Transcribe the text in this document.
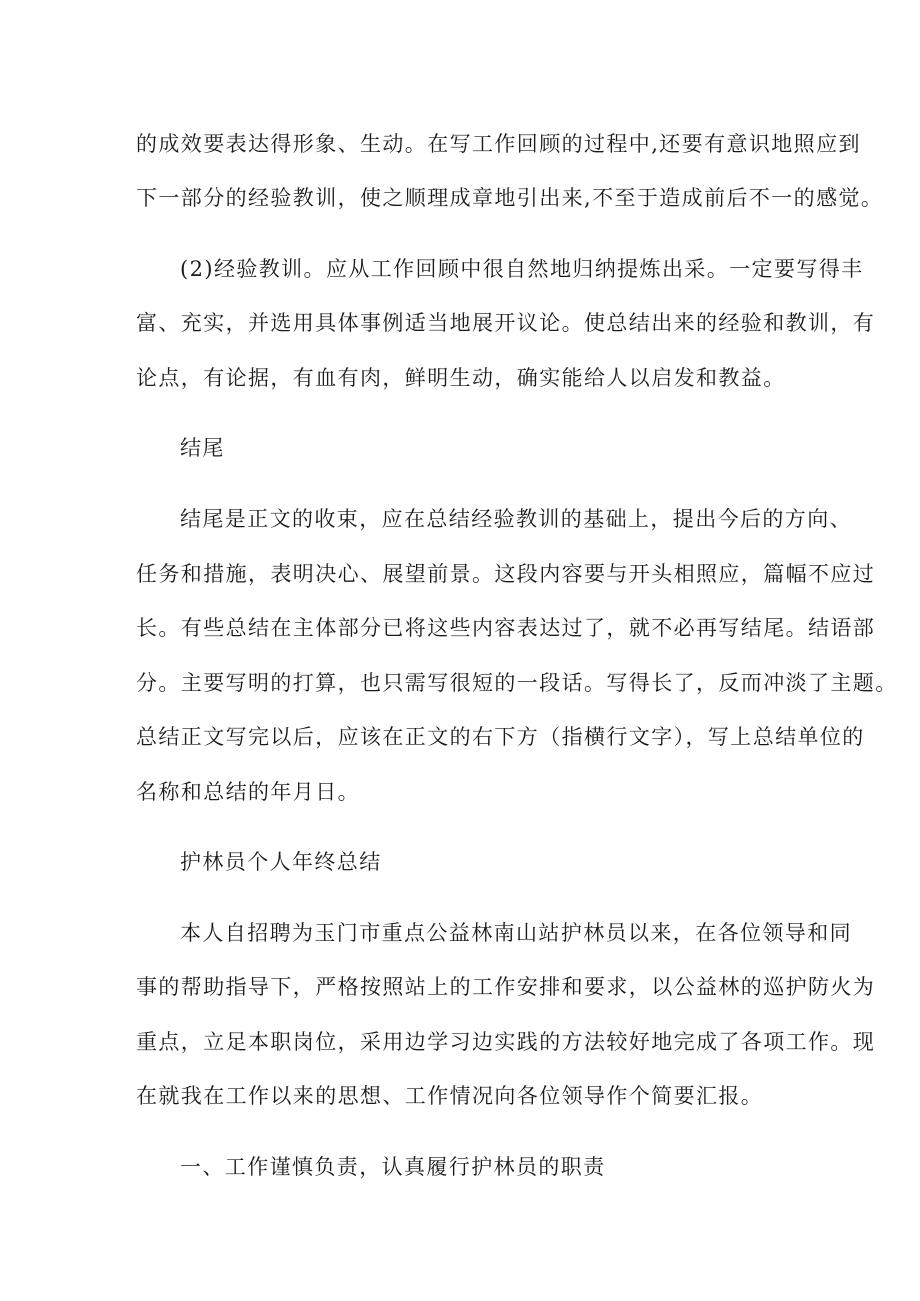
的成效要表达得形象、生动。在写工作回顾的过程中,还要有意识地照应到
下一部分的经验教训，使之顺理成章地引出来,不至于造成前后不一的感觉。
(2)经验教训。应从工作回顾中很自然地归纳提炼出采。一定要写得丰
富、充实，并选用具体事例适当地展开议论。使总结出来的经验和教训，有
论点，有论据，有血有肉，鲜明生动，确实能给人以启发和教益。
结尾
结尾是正文的收束，应在总结经验教训的基础上，提出今后的方向、
任务和措施，表明决心、展望前景。这段内容要与开头相照应，篇幅不应过
长。有些总结在主体部分已将这些内容表达过了，就不必再写结尾。结语部
分。主要写明的打算，也只需写很短的一段话。写得长了，反而冲淡了主题。
总结正文写完以后，应该在正文的右下方（指横行文字），写上总结单位的
名称和总结的年月日。
护林员个人年终总结
本人自招聘为玉门市重点公益林南山站护林员以来，在各位领导和同
事的帮助指导下，严格按照站上的工作安排和要求，以公益林的巡护防火为
重点，立足本职岗位，采用边学习边实践的方法较好地完成了各项工作。现
在就我在工作以来的思想、工作情况向各位领导作个简要汇报。
一、工作谨慎负责，认真履行护林员的职责
